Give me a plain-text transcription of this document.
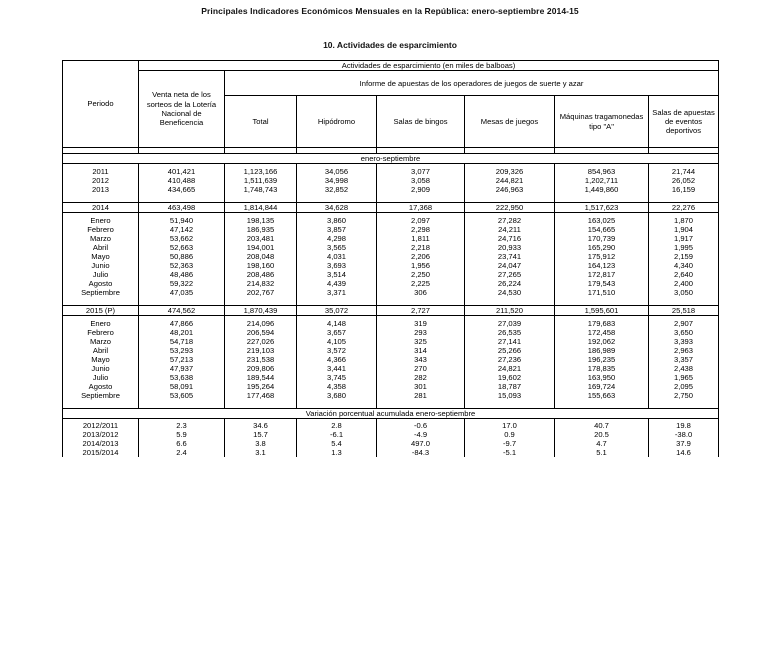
Principales Indicadores Económicos Mensuales en la República: enero-septiembre 2014-15
10. Actividades de esparcimiento
Periodo	Actividades de esparcimiento (en miles de balboas)						
	Venta neta de los sorteos de la Lotería Nacional de Beneficencia	Informe de apuestas de los operadores de juegos de suerte y azar					
		Total	Hipódromo	Salas de bingos	Mesas de juegos	Máquinas tragamonedas tipo "A"	Salas de apuestas de eventos deportivos

enero-septiembre							

2011	401,421	1,123,166	34,056	3,077	209,326	854,963	21,744
2012	410,488	1,511,639	34,998	3,058	244,821	1,202,711	26,052
2013	434,665	1,748,743	32,852	2,909	246,963	1,449,860	16,159

2014	463,498	1,814,844	34,628	17,368	222,950	1,517,623	22,276

Enero	51,940	198,135	3,860	2,097	27,282	163,025	1,870
Febrero	47,142	186,935	3,857	2,298	24,211	154,665	1,904
Marzo	53,662	203,481	4,298	1,811	24,716	170,739	1,917
Abril	52,663	194,001	3,565	2,218	20,933	165,290	1,995
Mayo	50,886	208,048	4,031	2,206	23,741	175,912	2,159
Junio	52,363	198,160	3,693	1,956	24,047	164,123	4,340
Julio	48,486	208,486	3,514	2,250	27,265	172,817	2,640
Agosto	59,322	214,832	4,439	2,225	26,224	179,543	2,400
Septiembre	47,035	202,767	3,371	306	24,530	171,510	3,050

2015 (P)	474,562	1,870,439	35,072	2,727	211,520	1,595,601	25,518

Enero	47,866	214,096	4,148	319	27,039	179,683	2,907
Febrero	48,201	206,594	3,657	293	26,535	172,458	3,650
Marzo	54,718	227,026	4,105	325	27,141	192,062	3,393
Abril	53,293	219,103	3,572	314	25,266	186,989	2,963
Mayo	57,213	231,538	4,366	343	27,236	196,235	3,357
Junio	47,937	209,806	3,441	270	24,821	178,835	2,438
Julio	53,638	189,544	3,745	282	19,602	163,950	1,965
Agosto	58,091	195,264	4,358	301	18,787	169,724	2,095
Septiembre	53,605	177,468	3,680	281	15,093	155,663	2,750

Variación porcentual acumulada enero-septiembre							

2012/2011	2.3	34.6	2.8	-0.6	17.0	40.7	19.8
2013/2012	5.9	15.7	-6.1	-4.9	0.9	20.5	-38.0
2014/2013	6.6	3.8	5.4	497.0	-9.7	4.7	37.9
2015/2014	2.4	3.1	1.3	-84.3	-5.1	5.1	14.6
